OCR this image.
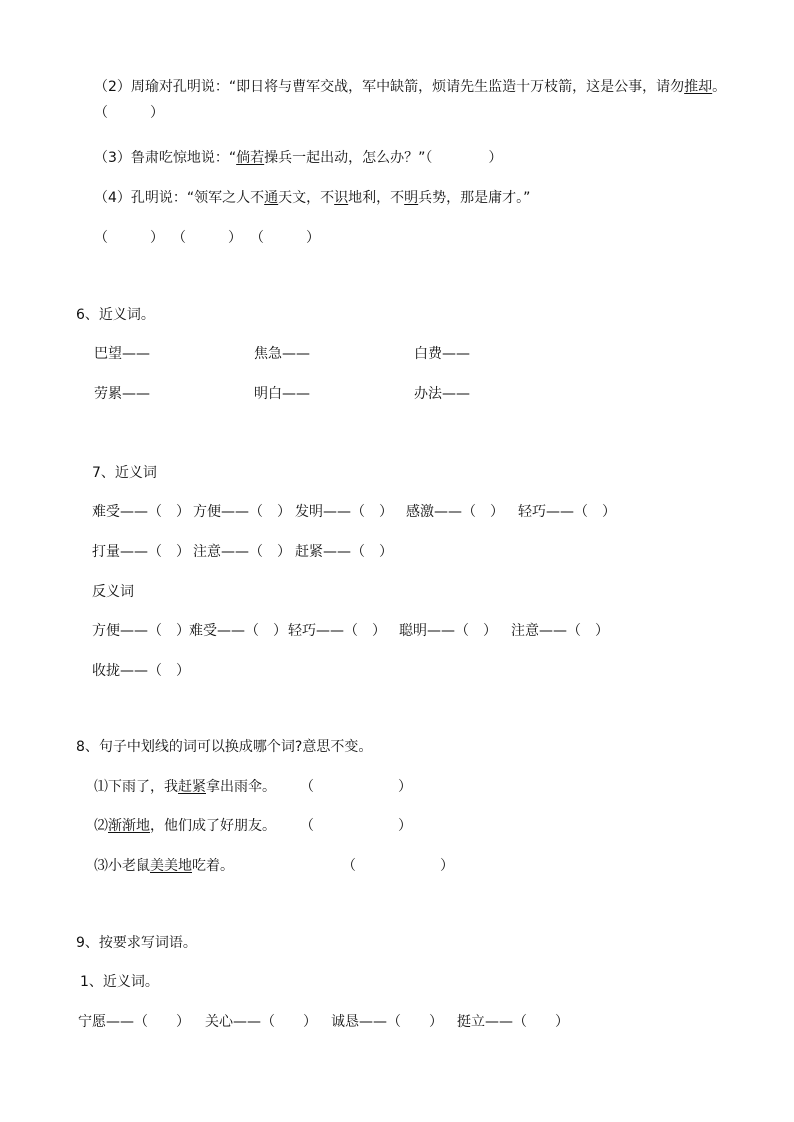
（2）周瑜对孔明说：“即日将与曹军交战，军中缺箭，烦请先生监造十万枝箭，这是公事，请勿推却。
（　　　）
（3）鲁肃吃惊地说：“倘若操兵一起出动，怎么办？”（　　　　）
（4）孔明说：“领军之人不通天文，不识地利，不明兵势，那是庸才。”
（　　　） （　　　） （　　　）
6、近义词。
巴望——	焦急——	白费——
劳累——	明白——	办法——
7、近义词
难受——（　） 方便——（　） 发明——（　） 感激——（　） 轻巧——（　）
打量——（　） 注意——（　） 赶紧——（　）
反义词
方便——（　） 难受——（　） 轻巧——（　） 聪明——（　） 注意——（　）
收拢——（　）
8、句子中划线的词可以换成哪个词?意思不变。
⑴下雨了，我赶紧拿出雨伞。 （　　　　　　）
⑵渐渐地，他们成了好朋友。 （　　　　　　）
⑶小老鼠美美地吃着。	（　　　　　　）
9、按要求写词语。
1、近义词。
宁愿——（　　） 关心——（　　） 诚恳——（　　） 挺立——（　　）
